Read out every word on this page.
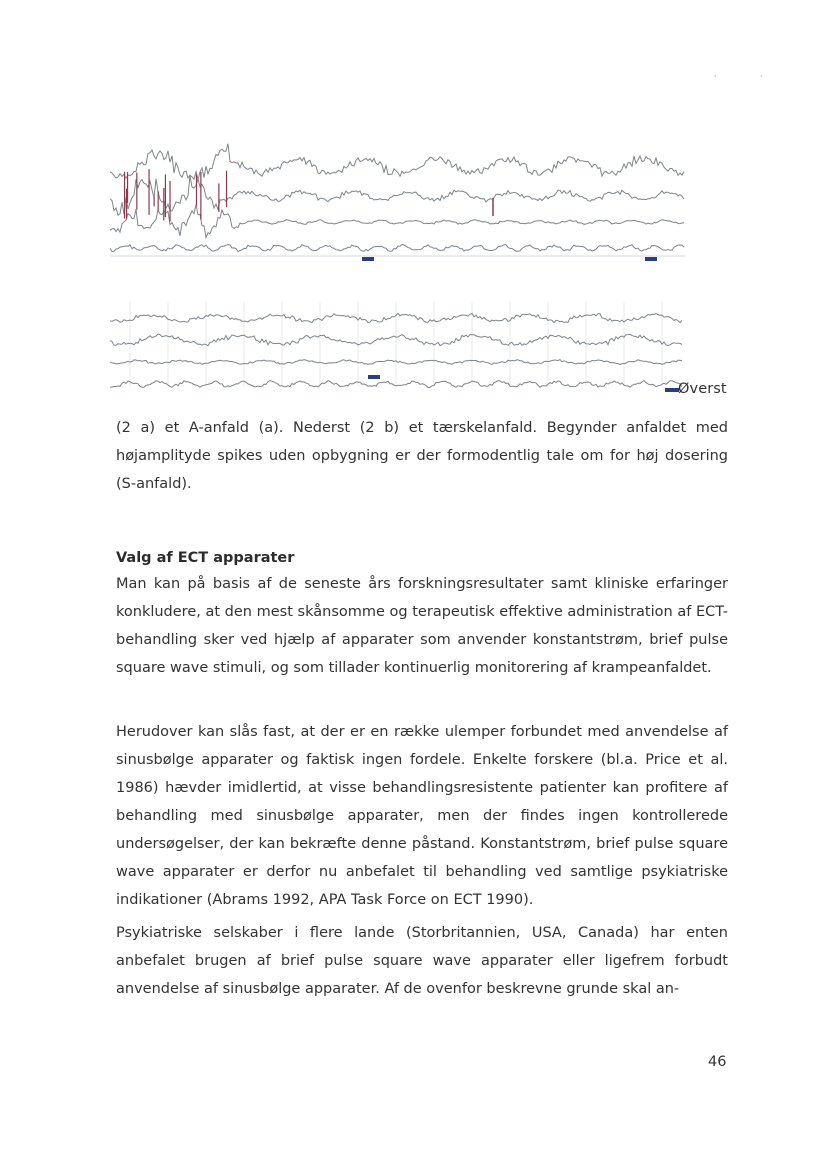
·	·
Øverst
(2 a) et A-anfald (a). Nederst (2 b) et tærskelanfald. Begynder anfaldet med højamplityde spikes uden opbygning er der formodentlig tale om for høj dosering (S-anfald).
Valg af ECT apparater
Man kan på basis af de seneste års forskningsresultater samt kliniske erfaringer konkludere, at den mest skånsomme og terapeutisk effektive administration af ECT-behandling sker ved hjælp af apparater som anvender konstantstrøm, brief pulse square wave stimuli, og som tillader kontinuerlig monitorering af krampeanfaldet.
Herudover kan slås fast, at der er en række ulemper forbundet med anvendelse af sinusbølge apparater og faktisk ingen fordele. Enkelte forskere (bl.a. Price et al. 1986) hævder imidlertid, at visse behandlingsresistente patienter kan profitere af behandling med sinusbølge apparater, men der findes ingen kontrollerede undersøgelser, der kan bekræfte denne påstand. Konstantstrøm, brief pulse square wave apparater er derfor nu anbefalet til behandling ved samtlige psykiatriske indikationer (Abrams 1992, APA Task Force on ECT 1990).
Psykiatriske selskaber i flere lande (Storbritannien, USA, Canada) har enten anbefalet brugen af brief pulse square wave apparater eller ligefrem forbudt anvendelse af sinusbølge apparater. Af de ovenfor beskrevne grunde skal an-
46
